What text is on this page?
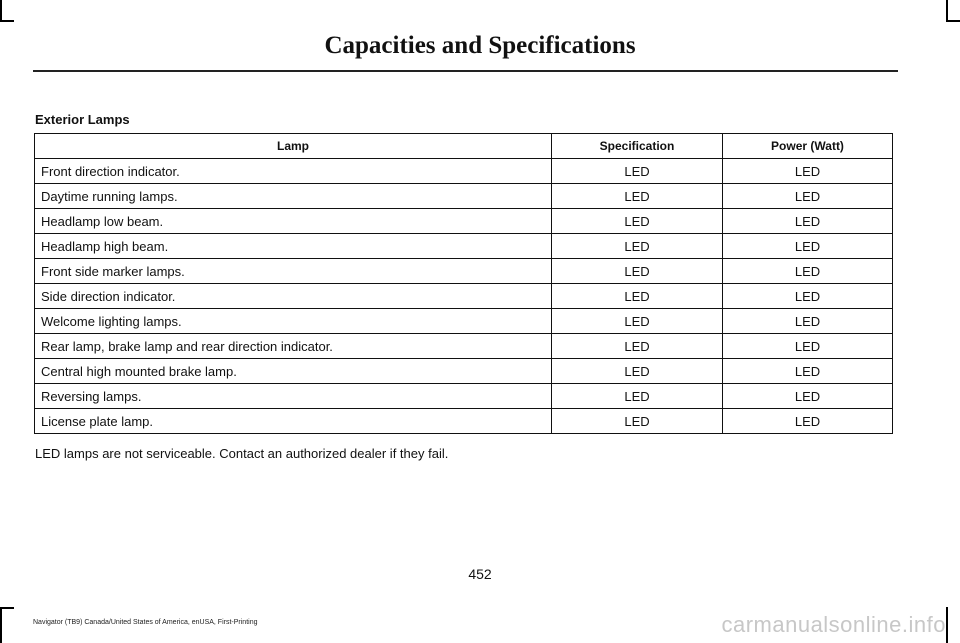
Capacities and Specifications
Exterior Lamps
Lamp	Specification	Power (Watt)
Front direction indicator.	LED	LED
Daytime running lamps.	LED	LED
Headlamp low beam.	LED	LED
Headlamp high beam.	LED	LED
Front side marker lamps.	LED	LED
Side direction indicator.	LED	LED
Welcome lighting lamps.	LED	LED
Rear lamp, brake lamp and rear direction indicator.	LED	LED
Central high mounted brake lamp.	LED	LED
Reversing lamps.	LED	LED
License plate lamp.	LED	LED
LED lamps are not serviceable. Contact an authorized dealer if they fail.
452
Navigator (TB9) Canada/United States of America, enUSA, First-Printing	carmanualsonline.info
